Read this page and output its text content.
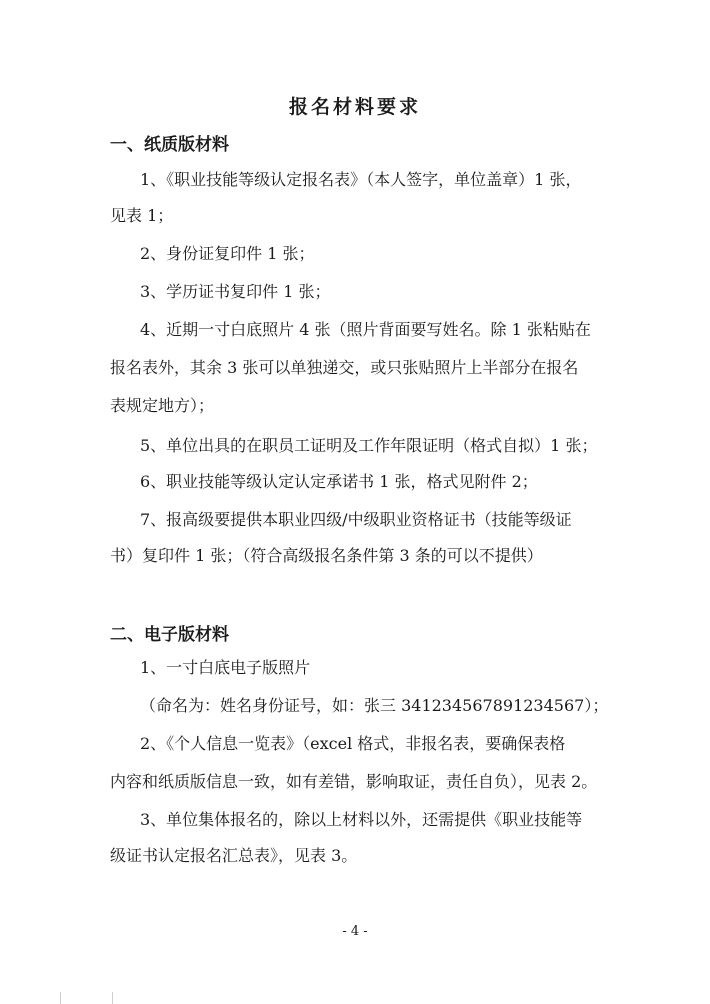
报名材料要求
一、纸质版材料
1、《职业技能等级认定报名表》（本人签字，单位盖章）1 张，
见表 1；
2、身份证复印件 1 张；
3、学历证书复印件 1 张；
4、近期一寸白底照片 4 张（照片背面要写姓名。除 1 张粘贴在
报名表外，其余 3 张可以单独递交，或只张贴照片上半部分在报名
表规定地方）；
5、单位出具的在职员工证明及工作年限证明（格式自拟）1 张；
6、职业技能等级认定认定承诺书 1 张，格式见附件 2；
7、报高级要提供本职业四级/中级职业资格证书（技能等级证
书）复印件 1 张；（符合高级报名条件第 3 条的可以不提供）
二、电子版材料
1、一寸白底电子版照片
（命名为：姓名身份证号，如：张三 341234567891234567）；
2、《个人信息一览表》（excel 格式，非报名表，要确保表格
内容和纸质版信息一致，如有差错，影响取证，责任自负），见表 2。
3、单位集体报名的，除以上材料以外，还需提供《职业技能等
级证书认定报名汇总表》，见表 3。
- 4 -
